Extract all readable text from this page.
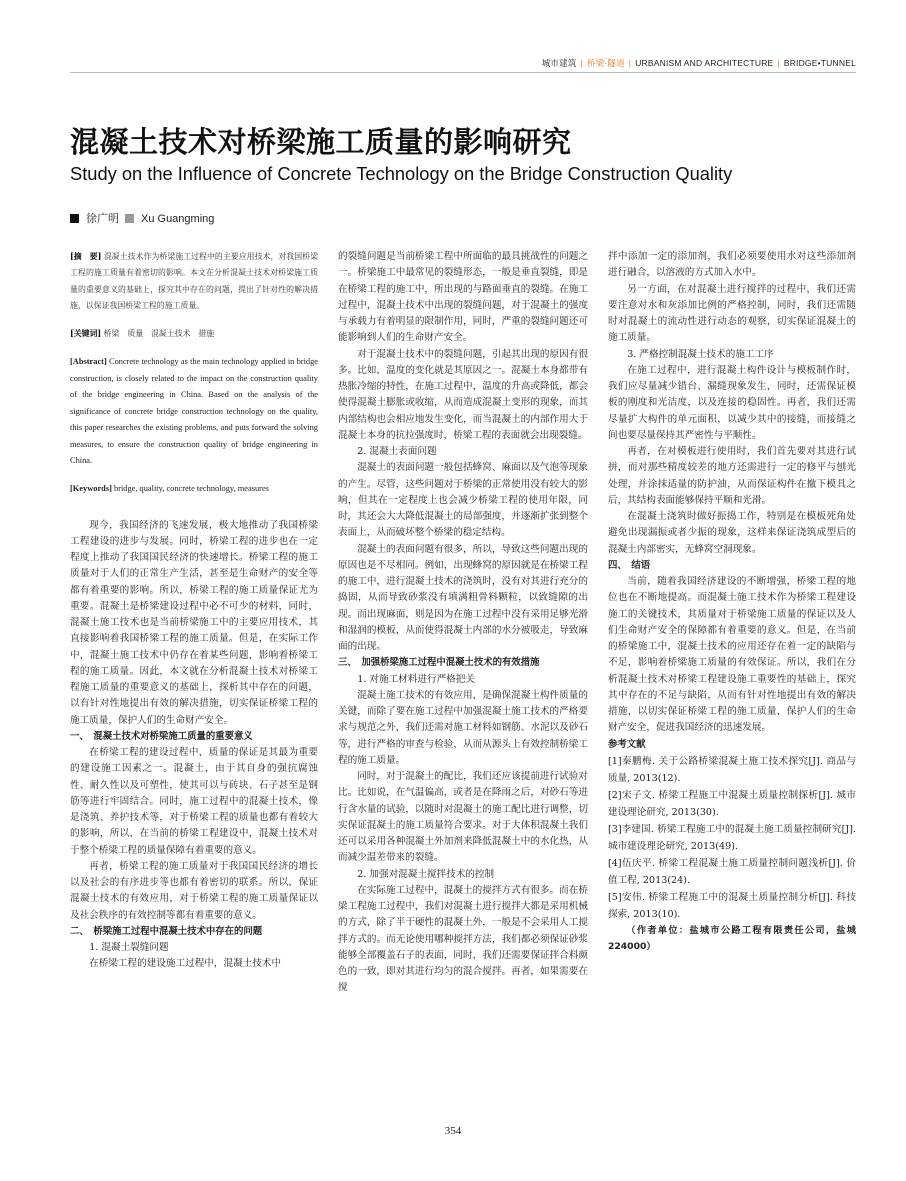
城市建筑 | 桥梁·隧道 | URBANISM AND ARCHITECTURE | BRIDGE•TUNNEL
混凝土技术对桥梁施工质量的影响研究
Study on the Influence of Concrete Technology on the Bridge Construction Quality
徐广明 Xu Guangming
[摘　要] 混凝土技术作为桥梁施工过程中的主要应用技术，对我国桥梁工程的施工质量有着密切的影响。本文在分析混凝土技术对桥梁施工质量的重要意义的基础上，探究其中存在的问题，提出了针对性的解决措施，以保证我国桥梁工程的施工质量。
[关键词] 桥梁　质量　混凝土技术　措施
[Abstract] Concrete technology as the main technology applied in bridge construction, is closely related to the impact on the construction quality of the bridge engineering in China. Based on the analysis of the significance of concrete bridge construction technology on the quality, this paper researches the existing problems, and puts forward the solving measures, to ensure the construction quality of bridge engineering in China.
[Keywords] bridge, quality, concrete technology, measures

现今，我国经济的飞速发展，极大地推动了我国桥梁工程建设的进步与发展。同时，桥梁工程的进步也在一定程度上推动了我国国民经济的快速增长。桥梁工程的施工质量对于人们的正常生产生活，甚至是生命财产的安全等都有着重要的影响。所以，桥梁工程的施工质量保证尤为重要。混凝土是桥梁建设过程中必不可少的材料，同时，混凝土施工技术也是当前桥梁施工中的主要应用技术，其直接影响着我国桥梁工程的施工质量。但是，在实际工作中，混凝土施工技术中仍存在着某些问题，影响着桥梁工程的施工质量。因此，本文就在分析混凝土技术对桥梁工程施工质量的重要意义的基础上，探析其中存在的问题，以有针对性地提出有效的解决措施，切实保证桥梁工程的施工质量，保护人们的生命财产安全。

一、　混凝土技术对桥梁施工质量的重要意义

在桥梁工程的建设过程中，质量的保证是其最为重要的建设施工因素之一。混凝土，由于其自身的强抗腐蚀性、耐久性以及可塑性，使其可以与砖块、石子甚至是钢筋等进行牢固结合。同时，施工过程中的混凝土技术，像是浇筑、养护技术等，对于桥梁工程的质量也都有着较大的影响，所以，在当前的桥梁工程建设中，混凝土技术对于整个桥梁工程的质量保障有着重要的意义。

再者，桥梁工程的施工质量对于我国国民经济的增长以及社会的有序进步等也都有着密切的联系。所以，保证混凝土技术的有效应用，对于桥梁工程的施工质量保证以及社会秩序的有效控制等都有着重要的意义。

二、　桥梁施工过程中混凝土技术中存在的问题

1. 混凝土裂缝问题

在桥梁工程的建设施工过程中，混凝土技术中

的裂缝问题是当前桥梁工程中所面临的最具挑战性的问题之一。桥梁施工中最常见的裂缝形态，一般是垂直裂缝，即是在桥梁工程的施工中，所出现的与路面垂直的裂缝。在施工过程中，混凝土技术中出现的裂缝问题，对于混凝土的强度与承载力有着明显的限制作用，同时，严重的裂缝问题还可能影响到人们的生命财产安全。

对于混凝土技术中的裂缝问题，引起其出现的原因有很多。比如，温度的变化就是其原因之一。混凝土本身都带有热胀冷缩的特性，在施工过程中，温度的升高或降低，都会使得混凝土膨胀或收缩，从而造成混凝土变形的现象，而其内部结构也会相应地发生变化，而当混凝土的内部作用大于混凝土本身的抗拉强度时，桥梁工程的表面就会出现裂缝。

2. 混凝土表面问题

混凝土的表面问题一般包括蜂窝、麻面以及气泡等现象的产生。尽管，这些问题对于桥梁的正常使用没有较大的影响，但其在一定程度上也会减少桥梁工程的使用年限，同时，其还会大大降低混凝土的局部强度，并逐渐扩张到整个表面上，从而破坏整个桥梁的稳定结构。

混凝土的表面问题有很多，所以，导致这些问题出现的原因也是不尽相同。例如，出现蜂窝的原因就是在桥梁工程的施工中，进行混凝土技术的浇筑时，没有对其进行充分的捣固，从而导致砂浆没有填满粗骨料颗粒，以致缝隙的出现。而出现麻面，则是因为在施工过程中没有采用足够光滑和湿润的模板，从而使得混凝土内部的水分被吸走，导致麻面的出现。

三、　加强桥梁施工过程中混凝土技术的有效措施

1. 对施工材料进行严格把关

混凝土施工技术的有效应用，是确保混凝土构件质量的关键，而除了要在施工过程中加强混凝土施工技术的严格要求与规范之外，我们还需对施工材料如钢筋、水泥以及砂石等，进行严格的审查与检验，从而从源头上有效控制桥梁工程的施工质量。

同时，对于混凝土的配比，我们还应该提前进行试验对比。比如说，在气温偏高，或者是在降雨之后，对砂石等进行含水量的试验，以随时对混凝土的施工配比进行调整，切实保证混凝土的施工质量符合要求。对于大体积混凝土我们还可以采用各种混凝土外加剂来降低混凝土中的水化热，从而减少温差带来的裂缝。

2. 加强对混凝土搅拌技术的控制

在实际施工过程中，混凝土的搅拌方式有很多。而在桥梁工程施工过程中，我们对混凝土进行搅拌大都是采用机械的方式，除了半干硬性的混凝土外，一般是不会采用人工搅拌方式的。而无论使用哪种搅拌方法，我们都必须保证砂浆能够全部覆盖石子的表面，同时，我们还需要保证拌合料颜色的一致，即对其进行均匀的混合搅拌。再者，如果需要在搅

拌中添加一定的添加剂，我们必须要使用水对这些添加剂进行融合，以溶液的方式加入水中。

另一方面，在对混凝土进行搅拌的过程中，我们还需要注意对水和灰添加比例的严格控制，同时，我们还需随时对混凝土的流动性进行动态的观察，切实保证混凝土的施工质量。

3. 严格控制混凝土技术的施工工序

在施工过程中，进行混凝土构件设计与模板制作时，我们应尽量减少错台、漏缝现象发生，同时，还需保证模板的刚度和光洁度，以及连接的稳固性。再者，我们还需尽量扩大构件的单元面积，以减少其中的接缝，而接缝之间也要尽量保持其严密性与平顺性。

再者，在对模板进行使用时，我们首先要对其进行试拼，而对那些精度较差的地方还需进行一定的修平与刨光处理，并涂抹适量的防护油，从而保证构件在撤下模具之后，其结构表面能够保持平顺和光滑。

在混凝土浇筑时做好振捣工作，特别是在模板死角处避免出现漏振或者少振的现象，这样来保证浇筑成型后的混凝土内部密实，无蜂窝空洞现象。

四、　结语

当前，随着我国经济建设的不断增强，桥梁工程的地位也在不断地提高。而混凝土施工技术作为桥梁工程建设施工的关键技术，其质量对于桥梁施工质量的保证以及人们生命财产安全的保障都有着重要的意义。但是，在当前的桥梁施工中，混凝土技术的应用还存在着一定的缺陷与不足，影响着桥梁施工质量的有效保证。所以，我们在分析混凝土技术对桥梁工程建设施工重要性的基础上，探究其中存在的不足与缺陷，从而有针对性地提出有效的解决措施，以切实保证桥梁工程的施工质量，保护人们的生命财产安全，促进我国经济的迅速发展。

参考文献

[1]秦鹏梅. 关于公路桥梁混凝土施工技术探究[J]. 商品与质量, 2013(12).

[2]宋子文. 桥梁工程施工中混凝土质量控制探析[J]. 城市建设理论研究, 2013(30).

[3]李建国. 桥梁工程施工中的混凝土施工质量控制研究[J]. 城市建设理论研究, 2013(49).

[4]伍庆平. 桥梁工程混凝土施工质量控制问题浅析[J]. 价值工程, 2013(24).

[5]安伟. 桥梁工程施工中的混凝土质量控制分析[J]. 科技探索, 2013(10).

（作者单位：盐城市公路工程有限责任公司，盐城 224000）

354
